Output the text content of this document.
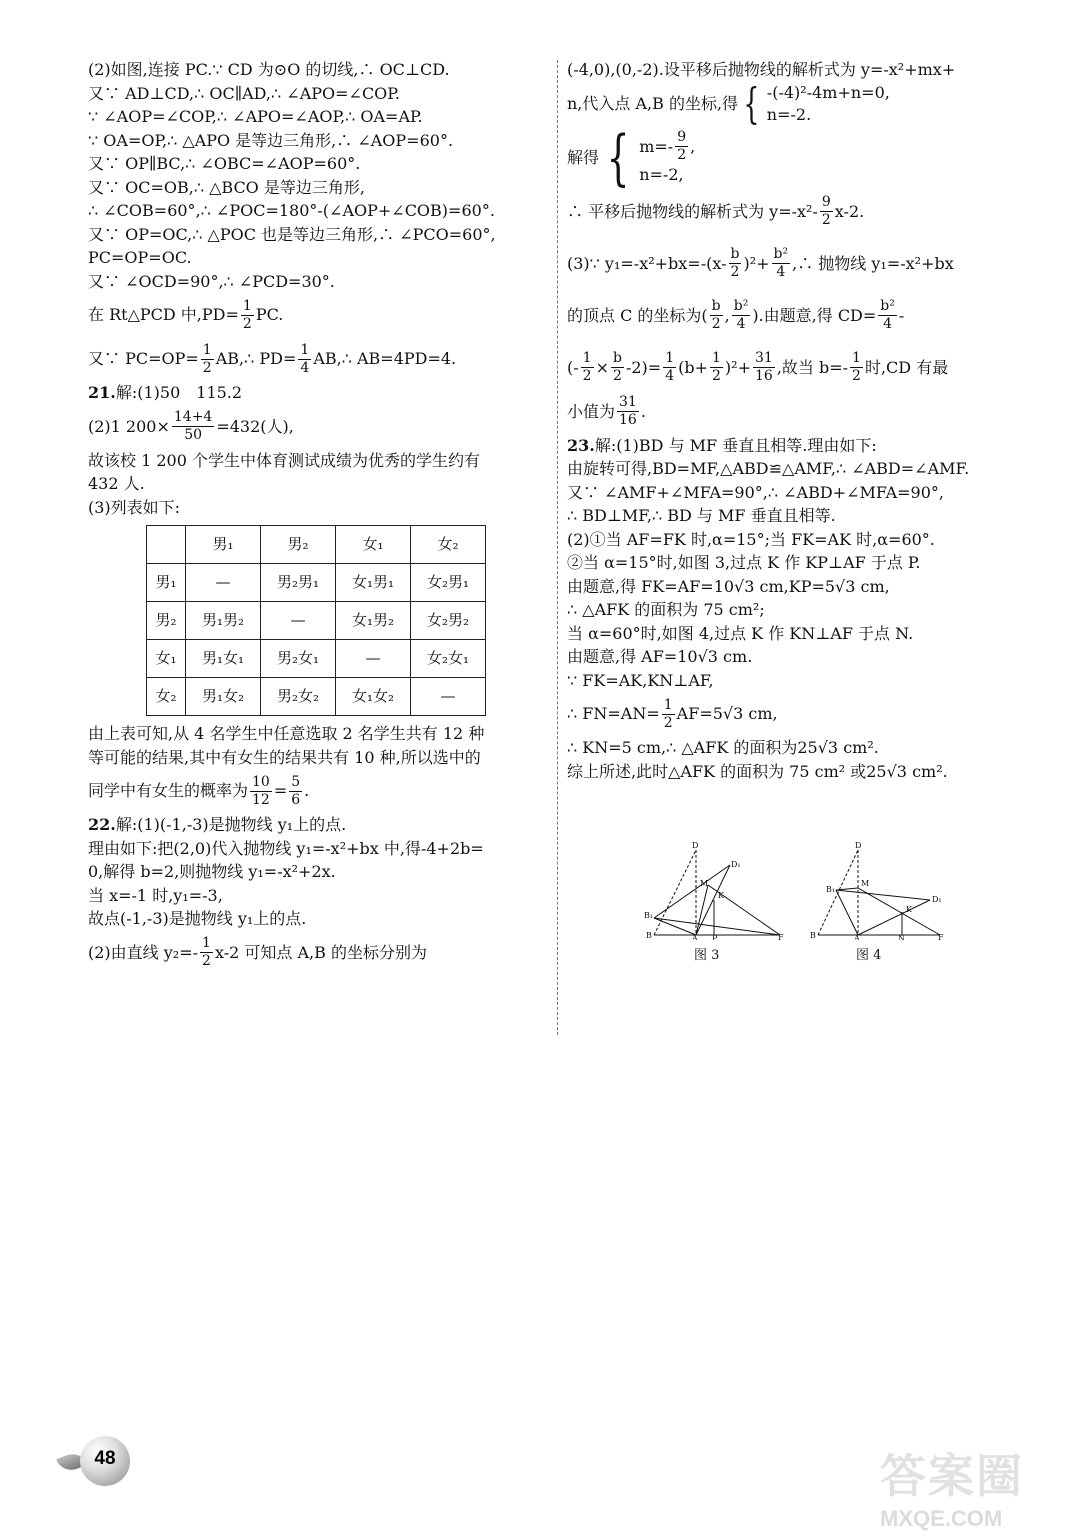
(2)如图,连接 PC.∵ CD 为⊙O 的切线,∴ OC⊥CD.
又∵ AD⊥CD,∴ OC∥AD,∴ ∠APO=∠COP.
∵ ∠AOP=∠COP,∴ ∠APO=∠AOP,∴ OA=AP.
∵ OA=OP,∴ △APO 是等边三角形,∴ ∠AOP=60°.
又∵ OP∥BC,∴ ∠OBC=∠AOP=60°.
又∵ OC=OB,∴ △BCO 是等边三角形,
∴ ∠COB=60°,∴ ∠POC=180°-(∠AOP+∠COB)=60°.
又∵ OP=OC,∴ △POC 也是等边三角形,∴ ∠PCO=60°,
PC=OP=OC.
又∵ ∠OCD=90°,∴ ∠PCD=30°.
在 Rt△PCD 中$,PD= \frac{1}{2}$ PC.
又∵ $PC=OP= \frac{1}{2}$ AB,∴ $PD= \frac{1}{4}$ AB,∴ AB=4PD=4.
21.解:(1)50　115.2
(2)1 $200\times \frac{14+4}{50} =432$(人),
故该校 1 200 个学生中体育测试成绩为优秀的学生约有
432 人.
(3)列表如下:
	男₁	男₂	女₁	女₂
男₁	—	男₂男₁	女₁男₁	女₂男₁
男₂	男₁男₂	—	女₁男₂	女₂男₂
女₁	男₁女₁	男₂女₁	—	女₂女₁
女₂	男₁女₂	男₂女₂	女₁女₂	—
由上表可知,从 4 名学生中任意选取 2 名学生共有 12 种
等可能的结果,其中有女生的结果共有 10 种,所以选中的
同学中有女生的概率为 $\frac{10}{12} = \frac{5}{6}$ .
22.解:(1)(-1,-3)是抛物线 y₁上的点.
理由如下:把(2,0)代入抛物线 y₁=-x²+bx 中,得-4+2b=
0,解得 b=2,则抛物线 y₁=-x²+2x.
当 x=-1 时,y₁=-3,
故点(-1,-3)是抛物线 y₁上的点.
(2)由直线 $y_2=- \frac{1}{2} x-2$ 可知点 A,B 的坐标分别为
(-4,0),(0,-2).设平移后抛物线的解析式为 y=-x²+mx+
n,代入点 A,B 的坐标,得 { -(-4)²-4m+n=0,
n=-2.
解得 { $m=- \frac{9}{2}$ ,
n=-2,
∴ 平移后抛物线的解析式为 $y=-x^2- \frac{9}{2} x-2$.
(3)∵ $y_1=-x^2+bx=-(x- \frac{b}{2} )^2+ \frac{\text{b²}}{4}$ ,∴ 抛物线 y₁=-x²+bx
的顶点 C 的坐标为( $\frac{b}{2}$ , $\frac{\text{b²}}{4}$ ).由题意,得 $CD= \frac{\text{b²}}{4}$ -
(- $\frac{1}{2} \times \frac{b}{2} -2)= \frac{1}{4} (b+ \frac{1}{2} )^2+ \frac{31}{16}$ ,故当 $b=- \frac{1}{2}$ 时,CD 有最
小值为 $\frac{31}{16}$ .
23.解:(1)BD 与 MF 垂直且相等.理由如下:
由旋转可得,BD=MF,△ABD≌△AMF,∴ ∠ABD=∠AMF.
又∵ ∠AMF+∠MFA=90°,∴ ∠ABD+∠MFA=90°,
∴ BD⊥MF,∴ BD 与 MF 垂直且相等.
(2)①当 AF=FK 时,α=15°;当 FK=AK 时,α=60°.
②当 α=15°时,如图 3,过点 K 作 KP⊥AF 于点 P.
由题意,得 FK=AF=10√3 cm,KP=5√3 cm,
∴ △AFK 的面积为 75 cm²;
当 α=60°时,如图 4,过点 K 作 KN⊥AF 于点 N.
由题意,得 AF=10√3 cm.
∵ FK=AK,KN⊥AF,
∴ $FN=AN= \frac{1}{2} AF=5√3$ cm,
∴ KN=5 cm,∴ △AFK 的面积为25√3 cm².
综上所述,此时△AFK 的面积为 75 cm² 或25√3 cm².
D
D₁
M
K
B₁
B	A P	F
D
D₁
M
K
B₁
B	A	N	F
图 3	图 4
48	答案圈
MXQE.COM
